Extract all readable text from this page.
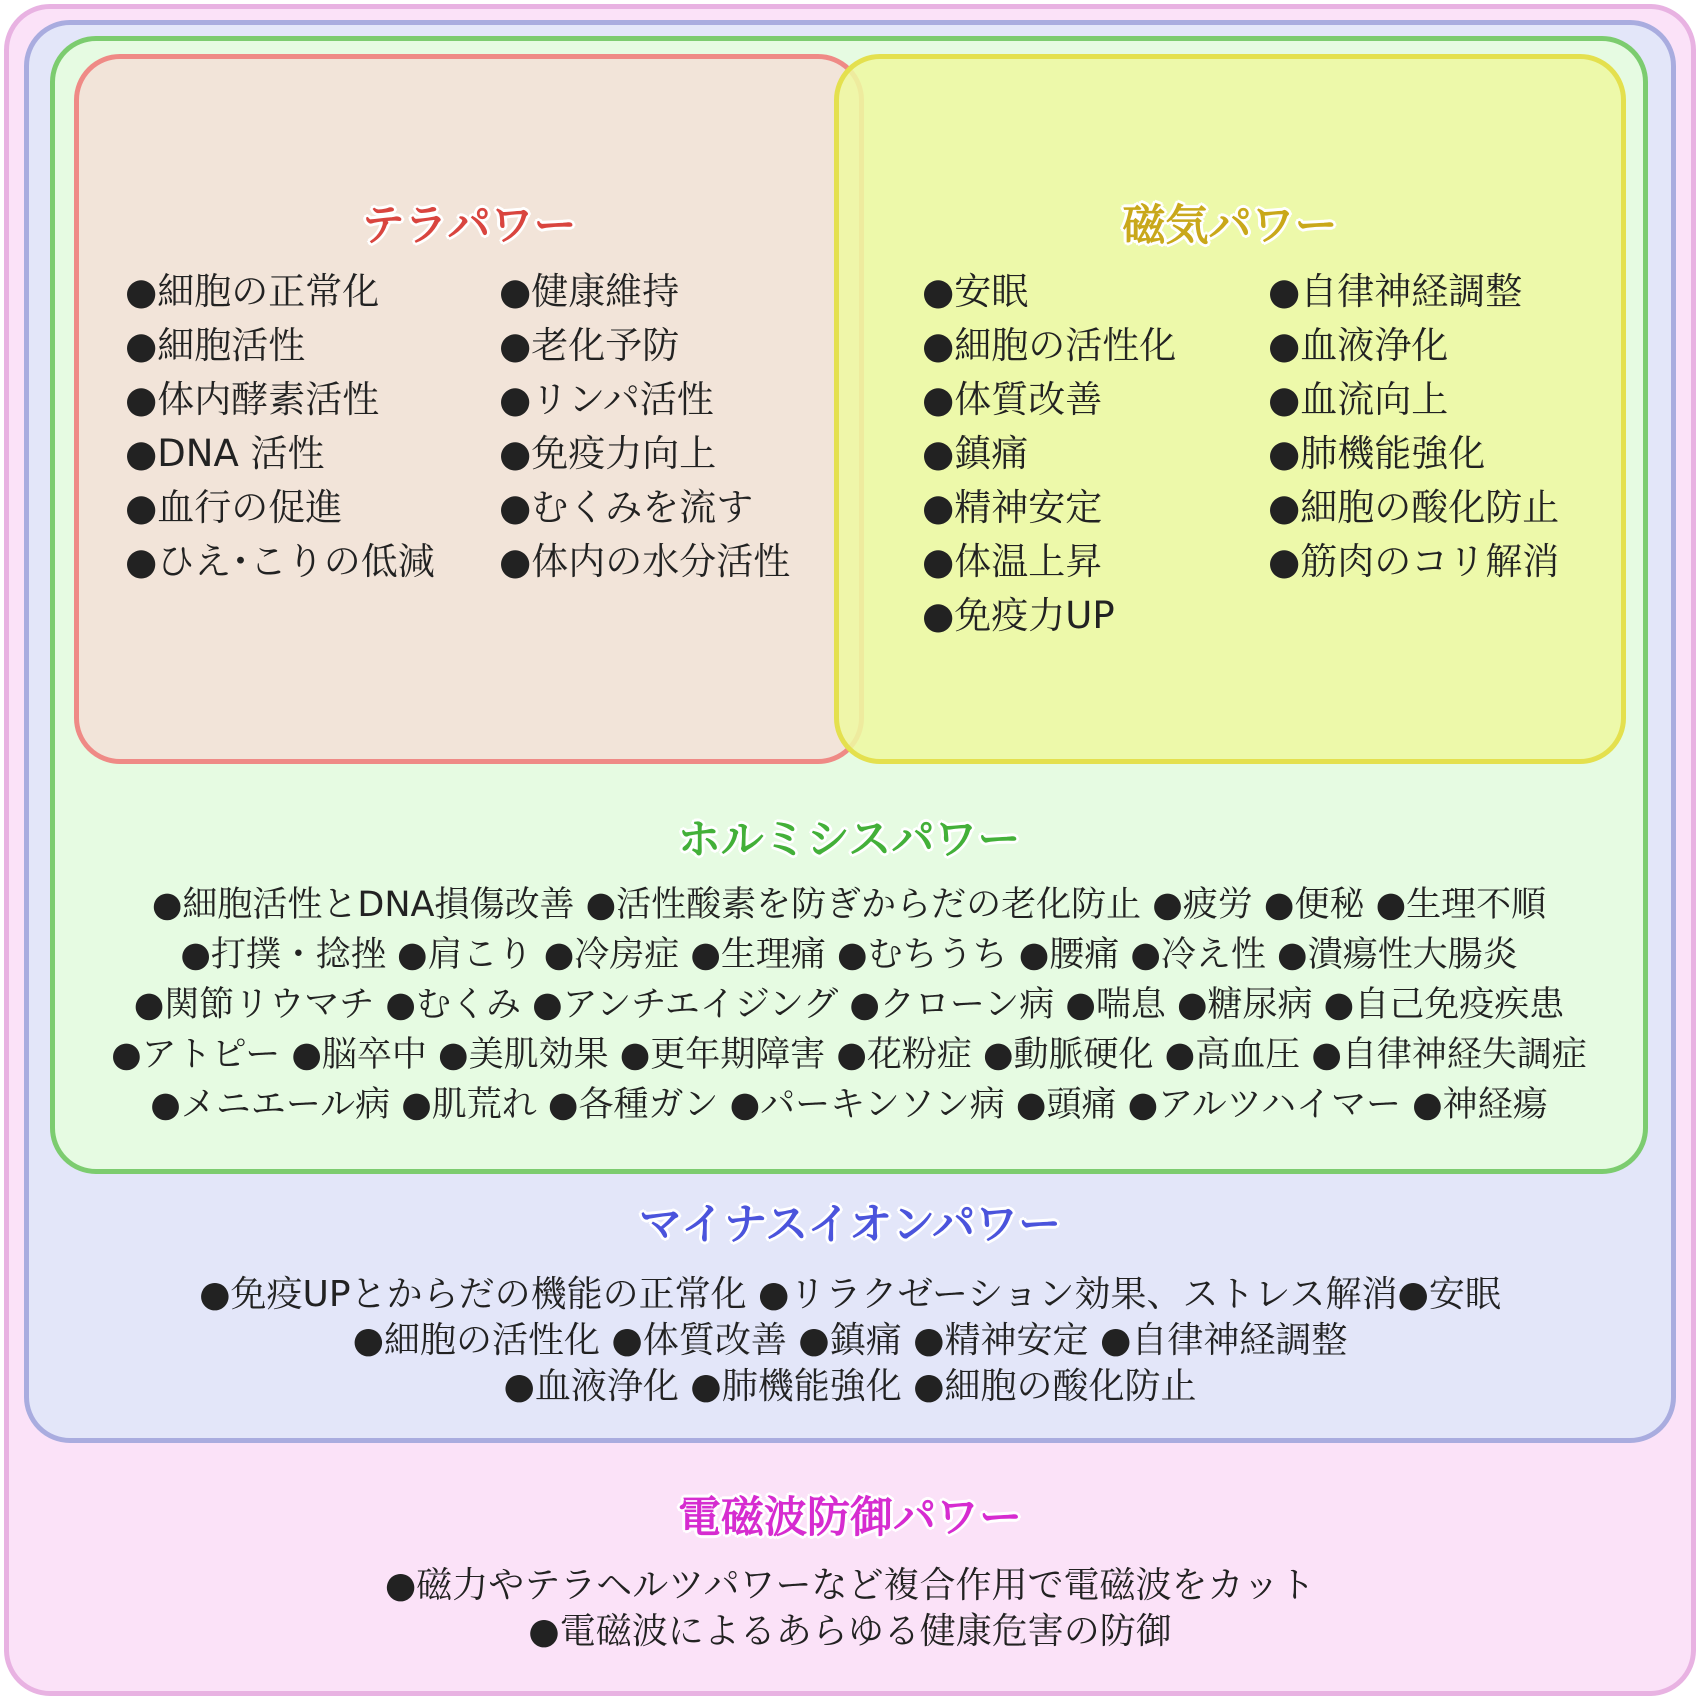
テラパワー
●細胞の正常化
●細胞活性
●体内酵素活性
●DNA 活性
●血行の促進
●ひえ･こりの低減
●健康維持
●老化予防
●リンパ活性
●免疫力向上
●むくみを流す
●体内の水分活性
磁気パワー
●安眠
●細胞の活性化
●体質改善
●鎮痛
●精神安定
●体温上昇
●免疫力UP
●自律神経調整
●血液浄化
●血流向上
●肺機能強化
●細胞の酸化防止
●筋肉のコリ解消
ホルミシスパワー
●細胞活性とDNA損傷改善 ●活性酸素を防ぎからだの老化防止 ●疲労 ●便秘 ●生理不順
●打撲・捻挫 ●肩こり ●冷房症 ●生理痛 ●むちうち ●腰痛 ●冷え性 ●潰瘍性大腸炎
●関節リウマチ ●むくみ ●アンチエイジング ●クローン病 ●喘息 ●糖尿病 ●自己免疫疾患
●アトピー ●脳卒中 ●美肌効果 ●更年期障害 ●花粉症 ●動脈硬化 ●高血圧 ●自律神経失調症
●メニエール病 ●肌荒れ ●各種ガン ●パーキンソン病 ●頭痛 ●アルツハイマー ●神経瘍
マイナスイオンパワー
●免疫UPとからだの機能の正常化 ●リラクゼーション効果、ストレス解消●安眠
●細胞の活性化 ●体質改善 ●鎮痛 ●精神安定 ●自律神経調整
●血液浄化 ●肺機能強化 ●細胞の酸化防止
電磁波防御パワー
●磁力やテラヘルツパワーなど複合作用で電磁波をカット
●電磁波によるあらゆる健康危害の防御
